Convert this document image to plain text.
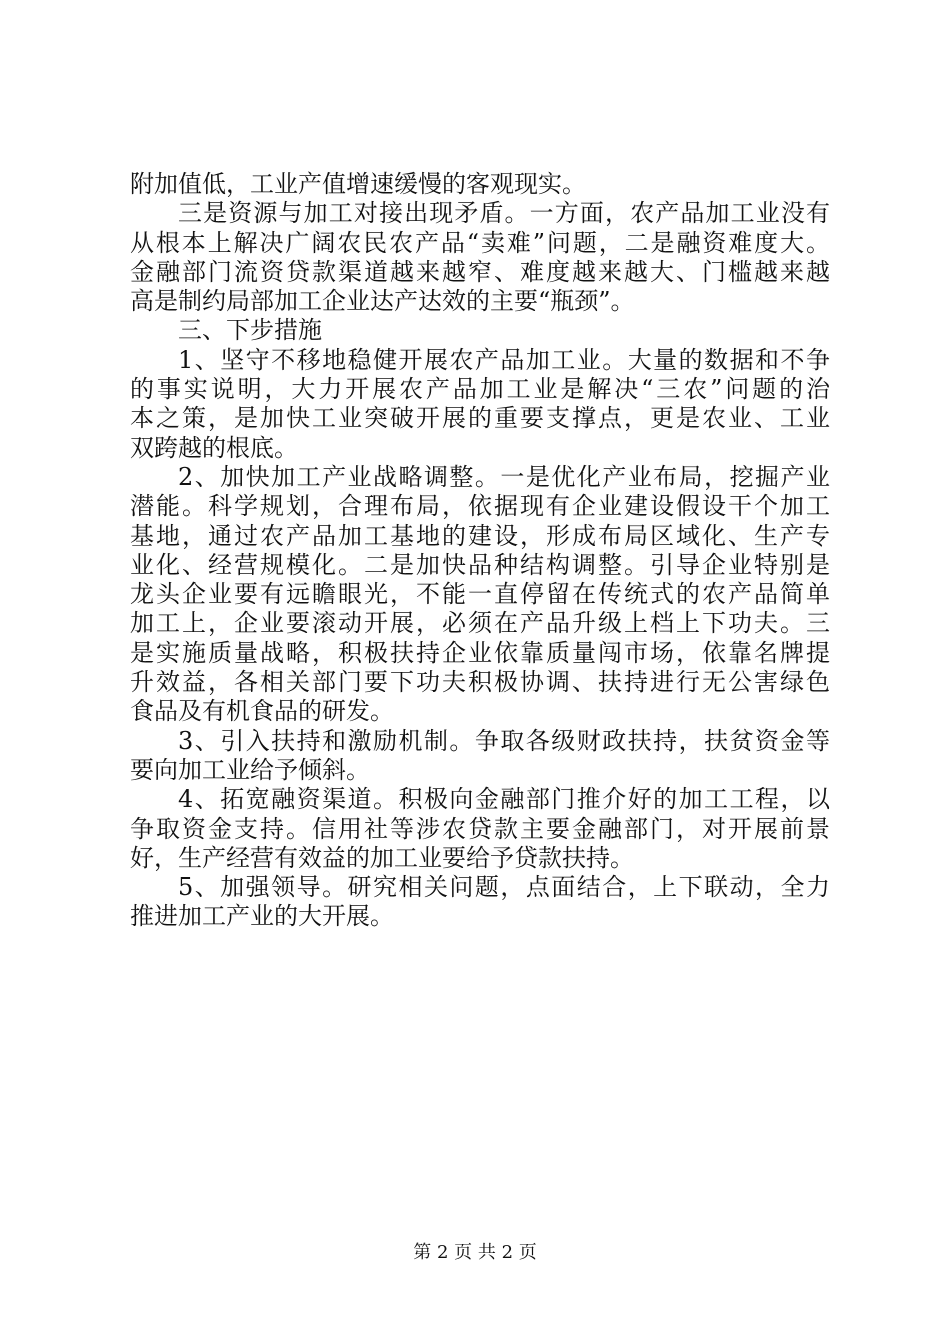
附加值低，工业产值增速缓慢的客观现实。
三是资源与加工对接出现矛盾。一方面，农产品加工业没有
从根本上解决广阔农民农产品“卖难”问题，二是融资难度大。
金融部门流资贷款渠道越来越窄、难度越来越大、门槛越来越
高是制约局部加工企业达产达效的主要“瓶颈”。
三、下步措施
1、坚守不移地稳健开展农产品加工业。大量的数据和不争
的事实说明，大力开展农产品加工业是解决“三农”问题的治
本之策，是加快工业突破开展的重要支撑点，更是农业、工业
双跨越的根底。
2、加快加工产业战略调整。一是优化产业布局，挖掘产业
潜能。科学规划，合理布局，依据现有企业建设假设干个加工
基地，通过农产品加工基地的建设，形成布局区域化、生产专
业化、经营规模化。二是加快品种结构调整。引导企业特别是
龙头企业要有远瞻眼光，不能一直停留在传统式的农产品简单
加工上，企业要滚动开展，必须在产品升级上档上下功夫。三
是实施质量战略，积极扶持企业依靠质量闯市场，依靠名牌提
升效益，各相关部门要下功夫积极协调、扶持进行无公害绿色
食品及有机食品的研发。
3、引入扶持和激励机制。争取各级财政扶持，扶贫资金等
要向加工业给予倾斜。
4、拓宽融资渠道。积极向金融部门推介好的加工工程，以
争取资金支持。信用社等涉农贷款主要金融部门，对开展前景
好，生产经营有效益的加工业要给予贷款扶持。
5、加强领导。研究相关问题，点面结合，上下联动，全力
推进加工产业的大开展。
第 2 页 共 2 页
